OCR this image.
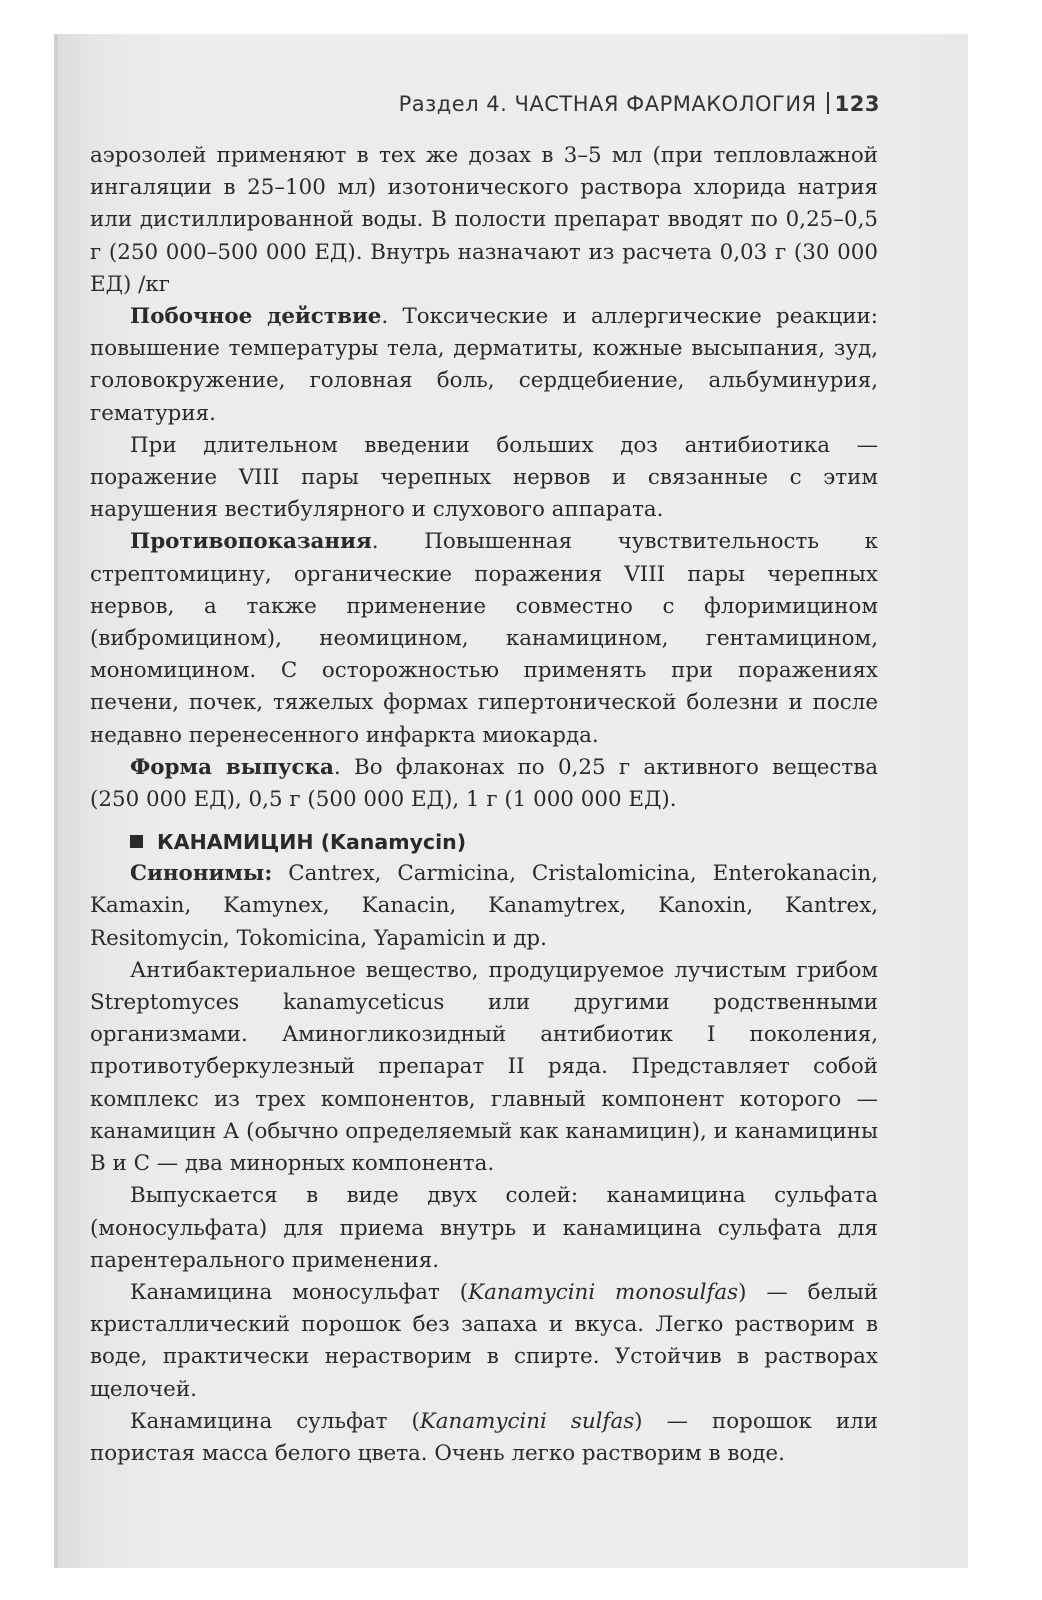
Раздел 4. ЧАСТНАЯ ФАРМАКОЛОГИЯ 123

аэрозолей применяют в тех же дозах в 3–5 мл (при тепловлажной ингаляции в 25–100 мл) изотонического раствора хлорида натрия или дистиллированной воды. В полости препарат вводят по 0,25–0,5 г (250 000–500 000 ЕД). Внутрь назначают из расчета 0,03 г (30 000 ЕД) /кг

Побочное действие. Токсические и аллергические реакции: повышение температуры тела, дерматиты, кожные высыпания, зуд, головокружение, головная боль, сердцебиение, альбуминурия, гематурия.

При длительном введении больших доз антибиотика — поражение VIII пары черепных нервов и связанные с этим нарушения вестибулярного и слухового аппарата.

Противопоказания. Повышенная чувствительность к стрептомицину, органические поражения VIII пары черепных нервов, а также применение совместно с флоримицином (вибромицином), неомицином, канамицином, гентамицином, мономицином. С осторожностью применять при поражениях печени, почек, тяжелых формах гипертонической болезни и после недавно перенесенного инфаркта миокарда.

Форма выпуска. Во флаконах по 0,25 г активного вещества (250 000 ЕД), 0,5 г (500 000 ЕД), 1 г (1 000 000 ЕД).

КАНАМИЦИН (Kanamycin)

Синонимы: Cantrex, Carmicina, Cristalomicina, Enterokanacin, Kamaxin, Kamynex, Kanacin, Kanamytrex, Kanoxin, Kantrex, Resitomycin, Tokomicina, Yapamicin и др.

Антибактериальное вещество, продуцируемое лучистым грибом Streptomyces kanamyceticus или другими родственными организмами. Аминогликозидный антибиотик I поколения, противотуберкулезный препарат II ряда. Представляет собой комплекс из трех компонентов, главный компонент которого — канамицин А (обычно определяемый как канамицин), и канамицины В и С — два минорных компонента.

Выпускается в виде двух солей: канамицина сульфата (моносульфата) для приема внутрь и канамицина сульфата для парентерального применения.

Канамицина моносульфат (Kanamycini monosulfas) — белый кристаллический порошок без запаха и вкуса. Легко растворим в воде, практически нерастворим в спирте. Устойчив в растворах щелочей.

Канамицина сульфат (Kanamycini sulfas) — порошок или пористая масса белого цвета. Очень легко растворим в воде.
